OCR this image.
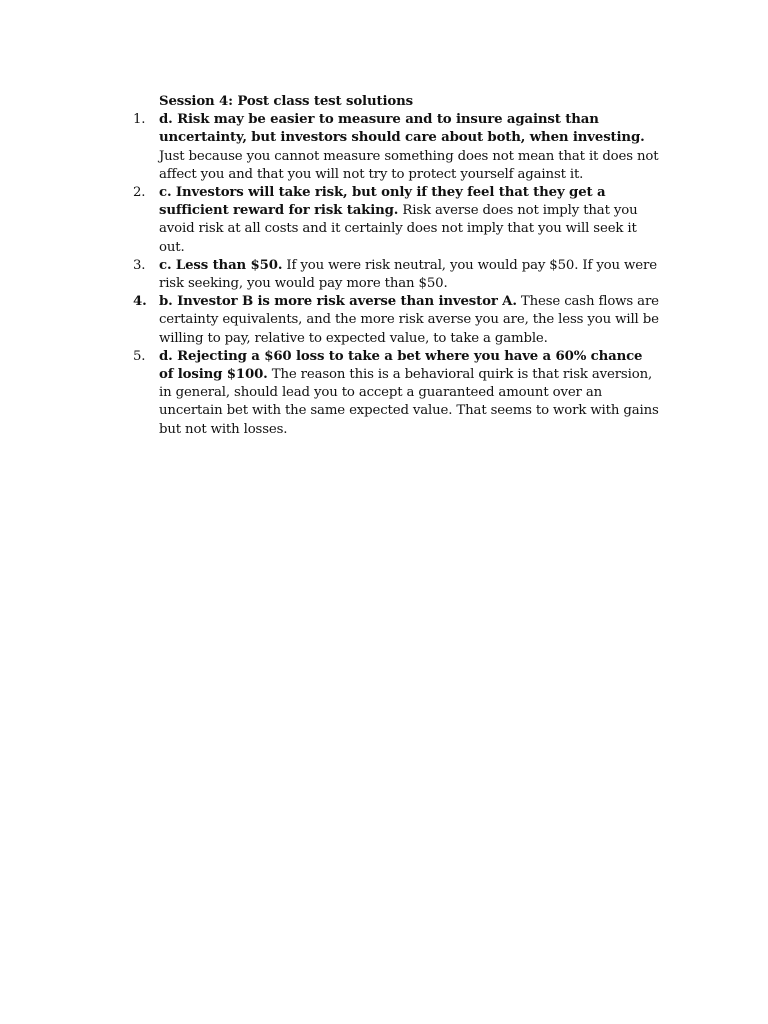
Session 4: Post class test solutions

1.	d. Risk may be easier to measure and to insure against than uncertainty, but investors should care about both, when investing. Just because you cannot measure something does not mean that it does not affect you and that you will not try to protect yourself against it.
2.	c. Investors will take risk, but only if they feel that they get a sufficient reward for risk taking. Risk averse does not imply that you avoid risk at all costs and it certainly does not imply that you will seek it out.
3.	c. Less than $50. If you were risk neutral, you would pay $50. If you were risk seeking, you would pay more than $50.
4. b. Investor B is more risk averse than investor A. These cash flows are certainty equivalents, and the more risk averse you are, the less you will be willing to pay, relative to expected value, to take a gamble.
5.	d. Rejecting a $60 loss to take a bet where you have a 60% chance of losing $100. The reason this is a behavioral quirk is that risk aversion, in general, should lead you to accept a guaranteed amount over an uncertain bet with the same expected value. That seems to work with gains but not with losses.
